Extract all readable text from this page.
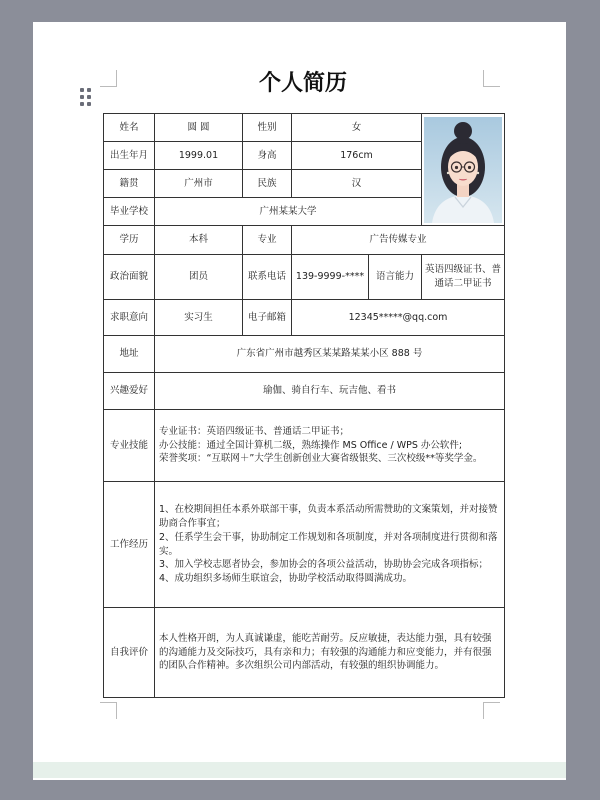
个人简历
姓名	圆 圆	性别	女	

出生年月	1999.01	身高	176cm		
籍贯	广州市	民族	汉		
毕业学校	广州某某大学				
学历	本科	专业	广告传媒专业		
政治面貌	团员	联系电话	139-9999-****	语言能力	英语四级证书、普通话二甲证书
求职意向	实习生	电子邮箱	12345*****@qq.com		
地址	广东省广州市越秀区某某路某某小区 888 号				
兴趣爱好	瑜伽、骑自行车、玩吉他、看书				
专业技能	专业证书：英语四级证书、普通话二甲证书；
办公技能：通过全国计算机二级，熟练操作 MS Office / WPS 办公软件;
荣誉奖项：“互联网＋”大学生创新创业大赛省级银奖、三次校级**等奖学金。				

工作经历	1、在校期间担任本系外联部干事，负责本系活动所需赞助的文案策划，并对接赞助商合作事宜；
2、任系学生会干事，协助制定工作规划和各项制度，并对各项制度进行贯彻和落实。
3、加入学校志愿者协会，参加协会的各项公益活动，协助协会完成各项指标；
4、成功组织多场师生联谊会，协助学校活动取得圆满成功。				

自我评价	本人性格开朗，为人真诚谦虚，能吃苦耐劳。反应敏捷，表达能力强，具有较强的沟通能力及交际技巧，具有亲和力；有较强的沟通能力和应变能力，并有很强的团队合作精神。多次组织公司内部活动，有较强的组织协调能力。				
